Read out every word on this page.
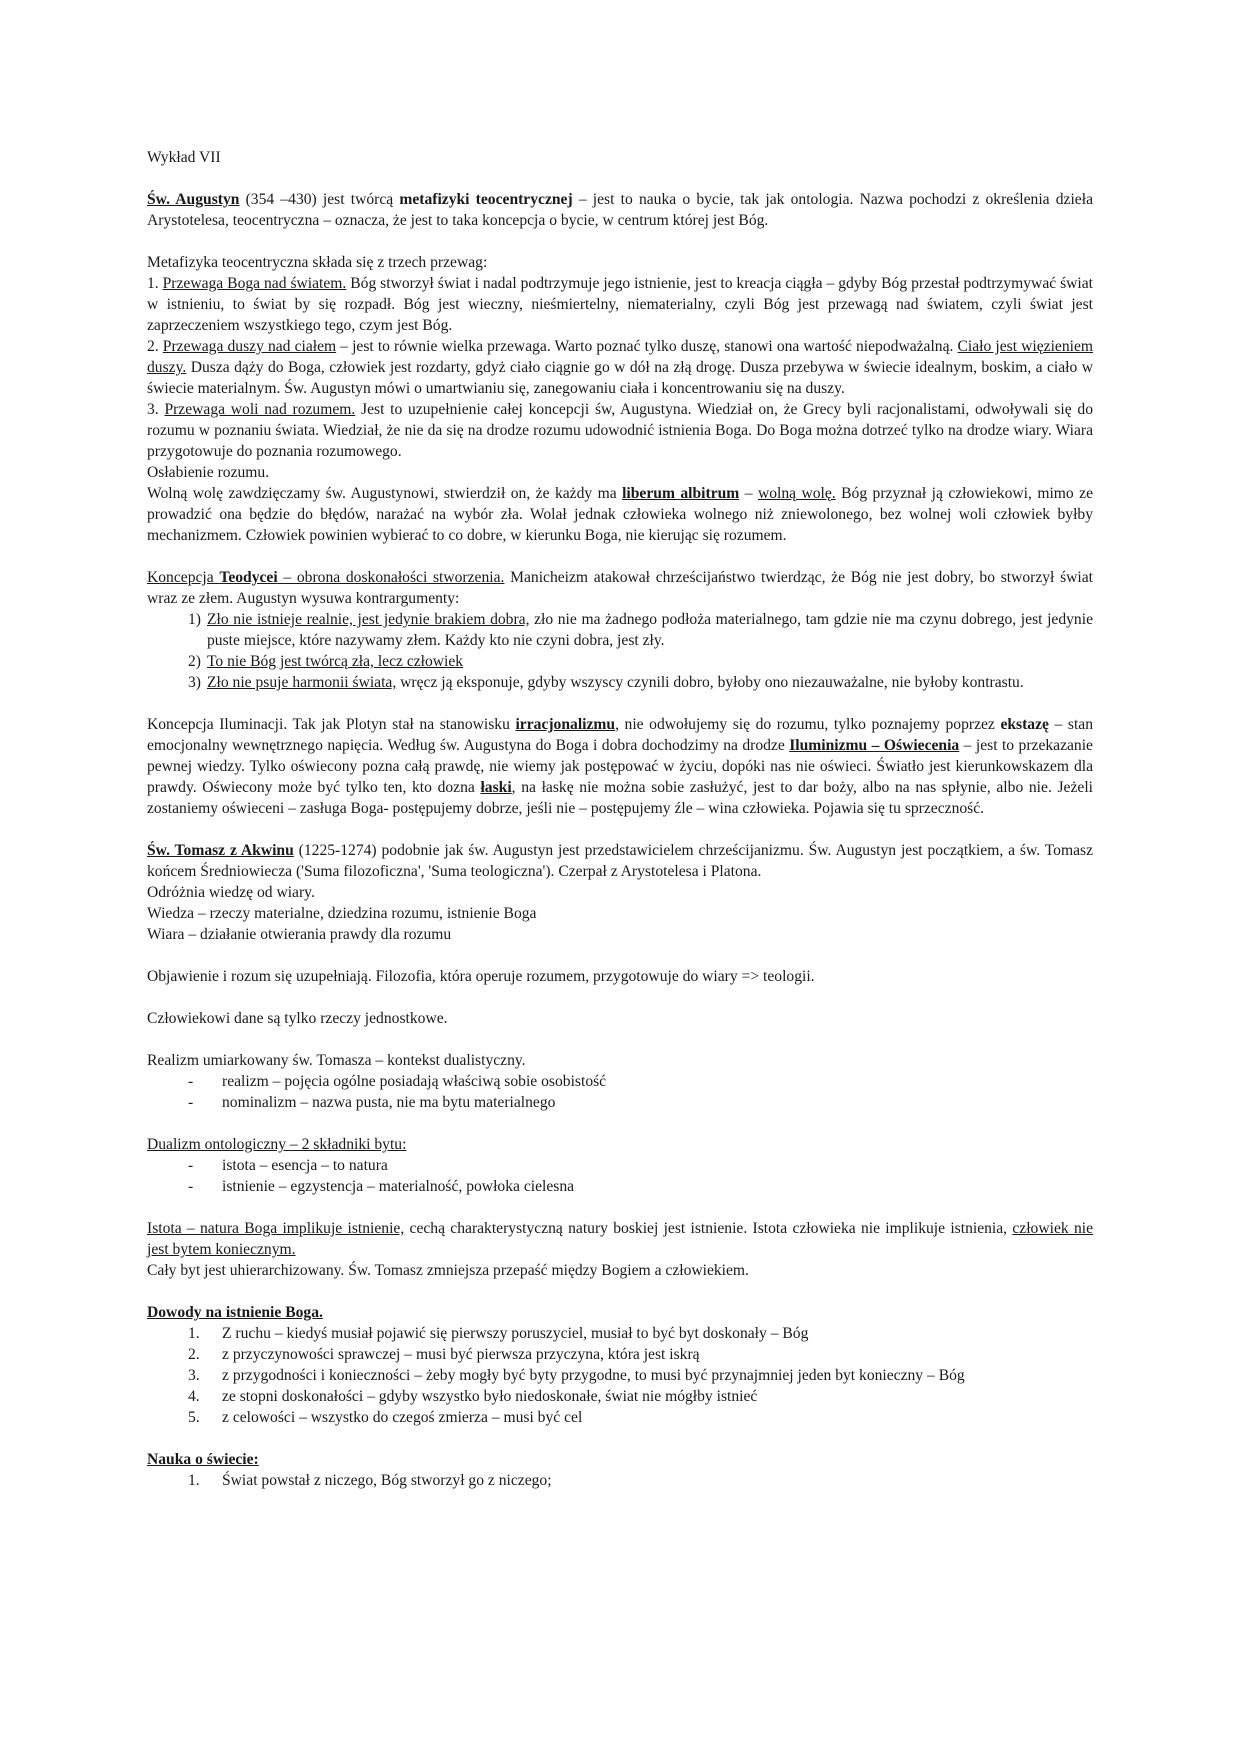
Wykład VII

Św. Augustyn (354 –430) jest twórcą metafizyki teocentrycznej – jest to nauka o bycie, tak jak ontologia. Nazwa pochodzi z określenia dzieła Arystotelesa, teocentryczna – oznacza, że jest to taka koncepcja o bycie, w centrum której jest Bóg.

Metafizyka teocentryczna składa się z trzech przewag:

1. Przewaga Boga nad światem. Bóg stworzył świat i nadal podtrzymuje jego istnienie, jest to kreacja ciągła – gdyby Bóg przestał podtrzymywać świat w istnieniu, to świat by się rozpadł. Bóg jest wieczny, nieśmiertelny, niematerialny, czyli Bóg jest przewagą nad światem, czyli świat jest zaprzeczeniem wszystkiego tego, czym jest Bóg.

2. Przewaga duszy nad ciałem – jest to równie wielka przewaga. Warto poznać tylko duszę, stanowi ona wartość niepodważalną. Ciało jest więzieniem duszy. Dusza dąży do Boga, człowiek jest rozdarty, gdyż ciało ciągnie go w dół na złą drogę. Dusza przebywa w świecie idealnym, boskim, a ciało w świecie materialnym. Św. Augustyn mówi o umartwianiu się, zanegowaniu ciała i koncentrowaniu się na duszy.

3. Przewaga woli nad rozumem. Jest to uzupełnienie całej koncepcji św, Augustyna. Wiedział on, że Grecy byli racjonalistami, odwoływali się do rozumu w poznaniu świata. Wiedział, że nie da się na drodze rozumu udowodnić istnienia Boga. Do Boga można dotrzeć tylko na drodze wiary. Wiara przygotowuje do poznania rozumowego.

Osłabienie rozumu.

Wolną wolę zawdzięczamy św. Augustynowi, stwierdził on, że każdy ma liberum albitrum – wolną wolę. Bóg przyznał ją człowiekowi, mimo ze prowadzić ona będzie do błędów, narażać na wybór zła. Wolał jednak człowieka wolnego niż zniewolonego, bez wolnej woli człowiek byłby mechanizmem. Człowiek powinien wybierać to co dobre, w kierunku Boga, nie kierując się rozumem.

Koncepcja Teodycei – obrona doskonałości stworzenia. Manicheizm atakował chrześcijaństwo twierdząc, że Bóg nie jest dobry, bo stworzył świat wraz ze złem. Augustyn wysuwa kontrargumenty:

1) Zło nie istnieje realnie, jest jedynie brakiem dobra, zło nie ma żadnego podłoża materialnego, tam gdzie nie ma czynu dobrego, jest jedynie puste miejsce, które nazywamy złem. Każdy kto nie czyni dobra, jest zły.
2) To nie Bóg jest twórcą zła, lecz człowiek
3) Zło nie psuje harmonii świata, wręcz ją eksponuje, gdyby wszyscy czynili dobro, byłoby ono niezauważalne, nie byłoby kontrastu.

Koncepcja Iluminacji. Tak jak Plotyn stał na stanowisku irracjonalizmu, nie odwołujemy się do rozumu, tylko poznajemy poprzez ekstazę – stan emocjonalny wewnętrznego napięcia. Według św. Augustyna do Boga i dobra dochodzimy na drodze Iluminizmu – Oświecenia – jest to przekazanie pewnej wiedzy. Tylko oświecony pozna całą prawdę, nie wiemy jak postępować w życiu, dopóki nas nie oświeci. Światło jest kierunkowskazem dla prawdy. Oświecony może być tylko ten, kto dozna łaski, na łaskę nie można sobie zasłużyć, jest to dar boży, albo na nas spłynie, albo nie. Jeżeli zostaniemy oświeceni – zasługa Boga- postępujemy dobrze, jeśli nie – postępujemy źle – wina człowieka. Pojawia się tu sprzeczność.

Św. Tomasz z Akwinu (1225-1274) podobnie jak św. Augustyn jest przedstawicielem chrześcijanizmu. Św. Augustyn jest początkiem, a św. Tomasz końcem Średniowiecza ('Suma filozoficzna', 'Suma teologiczna'). Czerpał z Arystotelesa i Platona.

Odróżnia wiedzę od wiary.

Wiedza – rzeczy materialne, dziedzina rozumu, istnienie Boga

Wiara – działanie otwierania prawdy dla rozumu

Objawienie i rozum się uzupełniają. Filozofia, która operuje rozumem, przygotowuje do wiary => teologii.

Człowiekowi dane są tylko rzeczy jednostkowe.

Realizm umiarkowany św. Tomasza – kontekst dualistyczny.

-	realizm – pojęcia ogólne posiadają właściwą sobie osobistość
-	nominalizm – nazwa pusta, nie ma bytu materialnego

Dualizm ontologiczny – 2 składniki bytu:

-	istota – esencja – to natura
-	istnienie – egzystencja – materialność, powłoka cielesna

Istota – natura Boga implikuje istnienie, cechą charakterystyczną natury boskiej jest istnienie. Istota człowieka nie implikuje istnienia, człowiek nie jest bytem koniecznym.

Cały byt jest uhierarchizowany. Św. Tomasz zmniejsza przepaść między Bogiem a człowiekiem.

Dowody na istnienie Boga.

1.	Z ruchu – kiedyś musiał pojawić się pierwszy poruszyciel, musiał to być byt doskonały – Bóg
2.	z przyczynowości sprawczej – musi być pierwsza przyczyna, która jest iskrą
3.	z przygodności i konieczności – żeby mogły być byty przygodne, to musi być przynajmniej jeden byt konieczny – Bóg
4.	ze stopni doskonałości – gdyby wszystko było niedoskonałe, świat nie mógłby istnieć
5.	z celowości – wszystko do czegoś zmierza – musi być cel

Nauka o świecie:

1.	Świat powstał z niczego, Bóg stworzył go z niczego;
